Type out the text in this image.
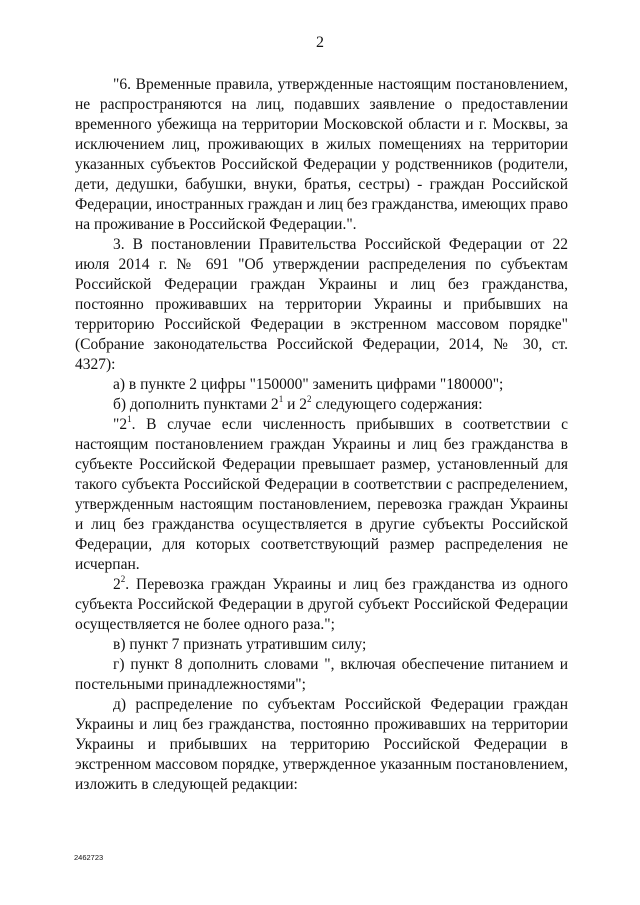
2

"6. Временные правила, утвержденные настоящим постановлением, не распространяются на лиц, подавших заявление о предоставлении временного убежища на территории Московской области и г. Москвы, за исключением лиц, проживающих в жилых помещениях на территории указанных субъектов Российской Федерации у родственников (родители, дети, дедушки, бабушки, внуки, братья, сестры) - граждан Российской Федерации, иностранных граждан и лиц без гражданства, имеющих право на проживание в Российской Федерации.".

3. В постановлении Правительства Российской Федерации от 22 июля 2014 г. № 691 "Об утверждении распределения по субъектам Российской Федерации граждан Украины и лиц без гражданства, постоянно проживавших на территории Украины и прибывших на территорию Российской Федерации в экстренном массовом порядке" (Собрание законодательства Российской Федерации, 2014, № 30, ст. 4327):

а) в пункте 2 цифры "150000" заменить цифрами "180000";

б) дополнить пунктами $2^1$ и $2^2$ следующего содержания:

"$2^1$. В случае если численность прибывших в соответствии с настоящим постановлением граждан Украины и лиц без гражданства в субъекте Российской Федерации превышает размер, установленный для такого субъекта Российской Федерации в соответствии с распределением, утвержденным настоящим постановлением, перевозка граждан Украины и лиц без гражданства осуществляется в другие субъекты Российской Федерации, для которых соответствующий размер распределения не исчерпан.

$2^2$. Перевозка граждан Украины и лиц без гражданства из одного субъекта Российской Федерации в другой субъект Российской Федерации осуществляется не более одного раза.";

в) пункт 7 признать утратившим силу;

г) пункт 8 дополнить словами ", включая обеспечение питанием и постельными принадлежностями";

д) распределение по субъектам Российской Федерации граждан Украины и лиц без гражданства, постоянно проживавших на территории Украины и прибывших на территорию Российской Федерации в экстренном массовом порядке, утвержденное указанным постановлением, изложить в следующей редакции:

2462723
